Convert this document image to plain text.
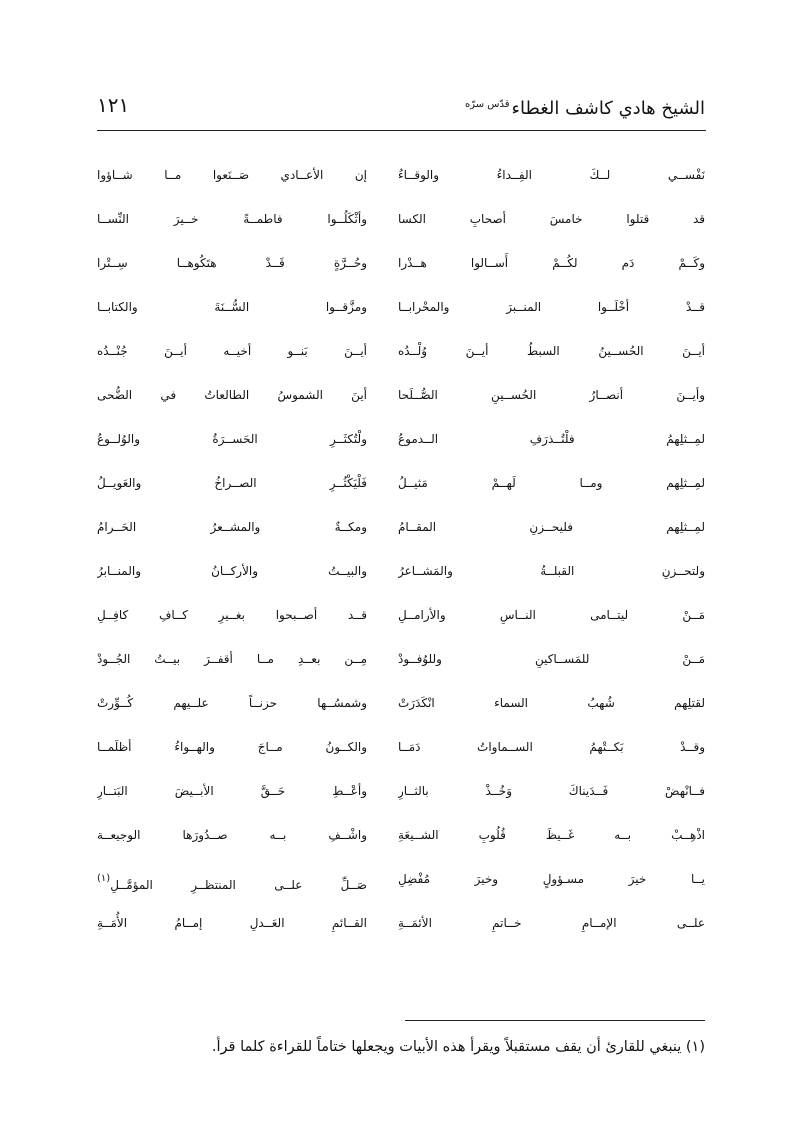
الشيخ هادي كاشف الغطاء$^{قدّس سرّه}$
١٢١
نَفْســي لــكَ الفِــداءُ والوقــاءُ
إن الأعــادي صَــنَعوا مــا شــاؤوا
قد قتلوا خامسَ أصحابِ الكسا
وأثْكَلُــوا فاطمــةً خــيرَ النِّســا
وكَــمْ دَم لكُــمْ أَســالوا هــدْرا
وحُــرَّةٍ قَــدْ هتَكُوهــا سِــتْرا
قــدْ أخْلَــوا المنــبرَ والمحْرابــا
ومزَّقــوا السُّــنَةَ والكتابــا
أيــنَ الحُســينُ السبطُ أيــنَ وُلْــدُه
أيــنَ بَنــو أخيــه أيــنَ جُنْــدُه
وأيــنَ أنصــارُ الحُســينِ الصُّــلَحا
أينَ الشموسُ الطالعاتُ في الضُّحى
لمِــثلِهمُ فلْتُــذرَفِ الــدموعُ
ولْتُكثَــرِ الحَســرَةُ والوُلــوعُ
لمِــثلِهم ومــا لَهــمْ مَثيــلُ
فَلْيَكْثُــرِ الصــراخُ والعَويــلُ
لمِــثلِهم فليحــزنِ المقــامُ
ومكــةٌ والمشــعرُ الحَــرامُ
ولتحــزنِ القبلــةُ والمَشــاعرُ
والبيــتُ والأركــانُ والمنــابرُ
مَــنْ ليتــامى النــاسِ والأرامــلِ
قــد أصــبحوا بغــيرِ كــافِ كافِــلِ
مَــنْ للمَســاكينِ وللوُفــودْ
مِــن بعــدِ مــا أقفــرَ بيــتُ الجُــودْ
لقتلِهم شُهبُ السماء انْكَدَرَتْ
وشمسُــها حزنــاً علــيهم كُــوِّرتْ
وقــدْ بَكــتْهمُ الســماواتُ دَمَــا
والكــونُ مــاجَ والهــواءُ أظلَمــا
فــانْهضْ فَــدَيناكَ وَخُــذْ بالثــارِ
وأعْــطِ حَــقَّ الأبــيضَ البَتــارِ
اذْهِــبْ بــه غَــيظَ قُلُوبِ الشــيعَةِ
واشْــفِ بــه صــدُورَها الوجيعــة
يــا خيرَ مسـؤولٍ وخيرَ مُفْضِلِ
صَــلِّ علــى المنتظــرِ المؤمَّــلِ$^{(١)}$
علــى الإمــامِ خــاتمِ الأئمَــةِ
القــائمِ العَــدلِ إمــامُ الأُمَــةِ
(١) ينبغي للقارئ أن يقف مستقبلاً ويقرأ هذه الأبيات ويجعلها ختاماً للقراءة كلما قرأ.
